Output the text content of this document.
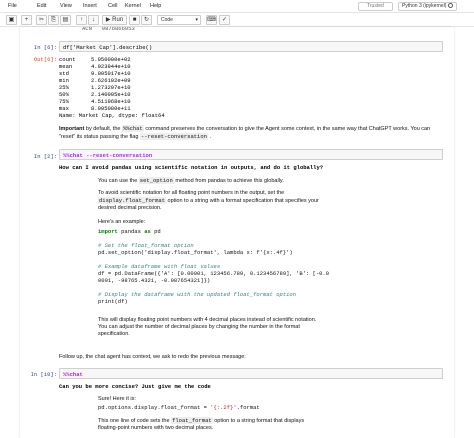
File	Edit View Insert Cell Kernel Help	Trusted	Python 3 (ipykernel)
▣	+	✂	⎘	▤	↑	↓	▶ Run	■	↻	Code	▾ ⌨	✓
ACN   9876866053
In [6]: df['Market Cap'].describe()
Out[6]: count	5.050000e+02
mean	4.923944e+10
std	9.005017e+10
min	2.626102e+09
25%	1.273207e+10
50%	2.140095e+10
75%	4.511968e+10
max	8.095080e+11
Name: Market Cap, dtype: float64
Important by default, the %%chat command preserves the conversation to give the Agent some context, in the same way that ChatGPT works. You can "reset" its status passing the flag --reset-conversation .
In [2]: %%chat --reset-conversation
How can I avoid pandas using scientific notation in outputs, and do it globally?
You can use the set_option method from pandas to achieve this globally.
To avoid scientific notation for all floating point numbers in the output, set the
display.float_format option to a string with a format specification that specifies your
desired decimal precision.
Here's an example:
import pandas as pd
# Set the float_format option
pd.set_option('display.float_format', lambda x: f'{x:.4f}')
# Example dataframe with float values
df = pd.DataFrame({'A': [0.00001, 123456.789, 0.123456789], 'B': [-0.0
0001, -98765.4321, -0.987654321]})
# Display the dataframe with the updated float_format option
print(df)
This will display floating point numbers with 4 decimal places instead of scientific notation.
You can adjust the number of decimal places by changing the number in the format
specification.
Follow up, the chat agent has context, we ask to redo the previous message:
In [10]: %%chat
Can you be more concise? Just give me the code
Sure! Here it is:
pd.options.display.float_format = '{:.2f}'.format
This one line of code sets the float_format option to a string format that displays
floating-point numbers with two decimal places.
